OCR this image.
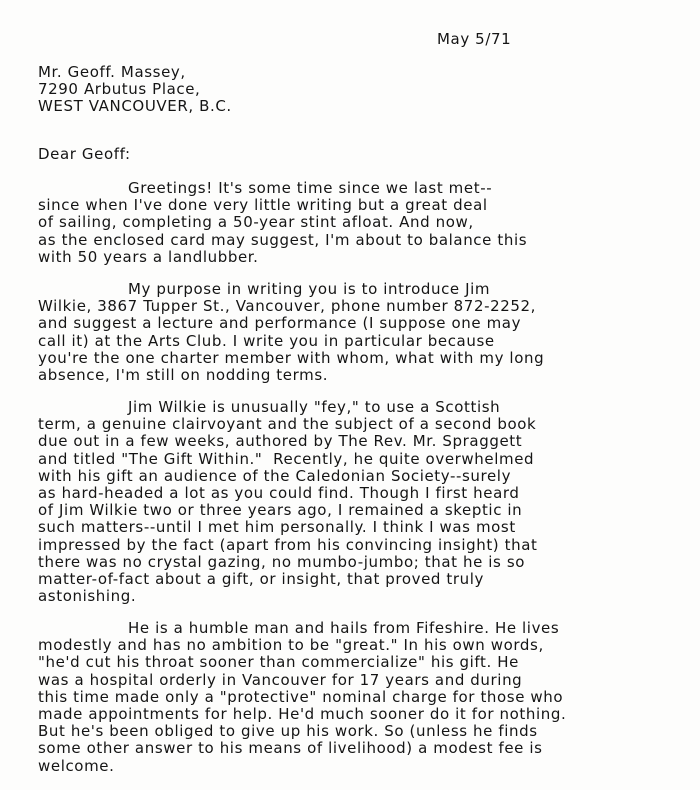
May 5/71
Mr. Geoff. Massey,
7290 Arbutus Place,
WEST VANCOUVER, B.C.
Dear Geoff:
Greetings! It's some time since we last met--
since when I've done very little writing but a great deal
of sailing, completing a 50-year stint afloat. And now,
as the enclosed card may suggest, I'm about to balance this
with 50 years a landlubber.
My purpose in writing you is to introduce Jim
Wilkie, 3867 Tupper St., Vancouver, phone number 872-2252,
and suggest a lecture and performance (I suppose one may
call it) at the Arts Club. I write you in particular because
you're the one charter member with whom, what with my long
absence, I'm still on nodding terms.
Jim Wilkie is unusually "fey," to use a Scottish
term, a genuine clairvoyant and the subject of a second book
due out in a few weeks, authored by The Rev. Mr. Spraggett
and titled "The Gift Within."  Recently, he quite overwhelmed
with his gift an audience of the Caledonian Society--surely
as hard-headed a lot as you could find. Though I first heard
of Jim Wilkie two or three years ago, I remained a skeptic in
such matters--until I met him personally. I think I was most
impressed by the fact (apart from his convincing insight) that
there was no crystal gazing, no mumbo-jumbo; that he is so
matter-of-fact about a gift, or insight, that proved truly
astonishing.
He is a humble man and hails from Fifeshire. He lives
modestly and has no ambition to be "great." In his own words,
"he'd cut his throat sooner than commercialize" his gift. He
was a hospital orderly in Vancouver for 17 years and during
this time made only a "protective" nominal charge for those who
made appointments for help. He'd much sooner do it for nothing.
But he's been obliged to give up his work. So (unless he finds
some other answer to his means of livelihood) a modest fee is
welcome.
